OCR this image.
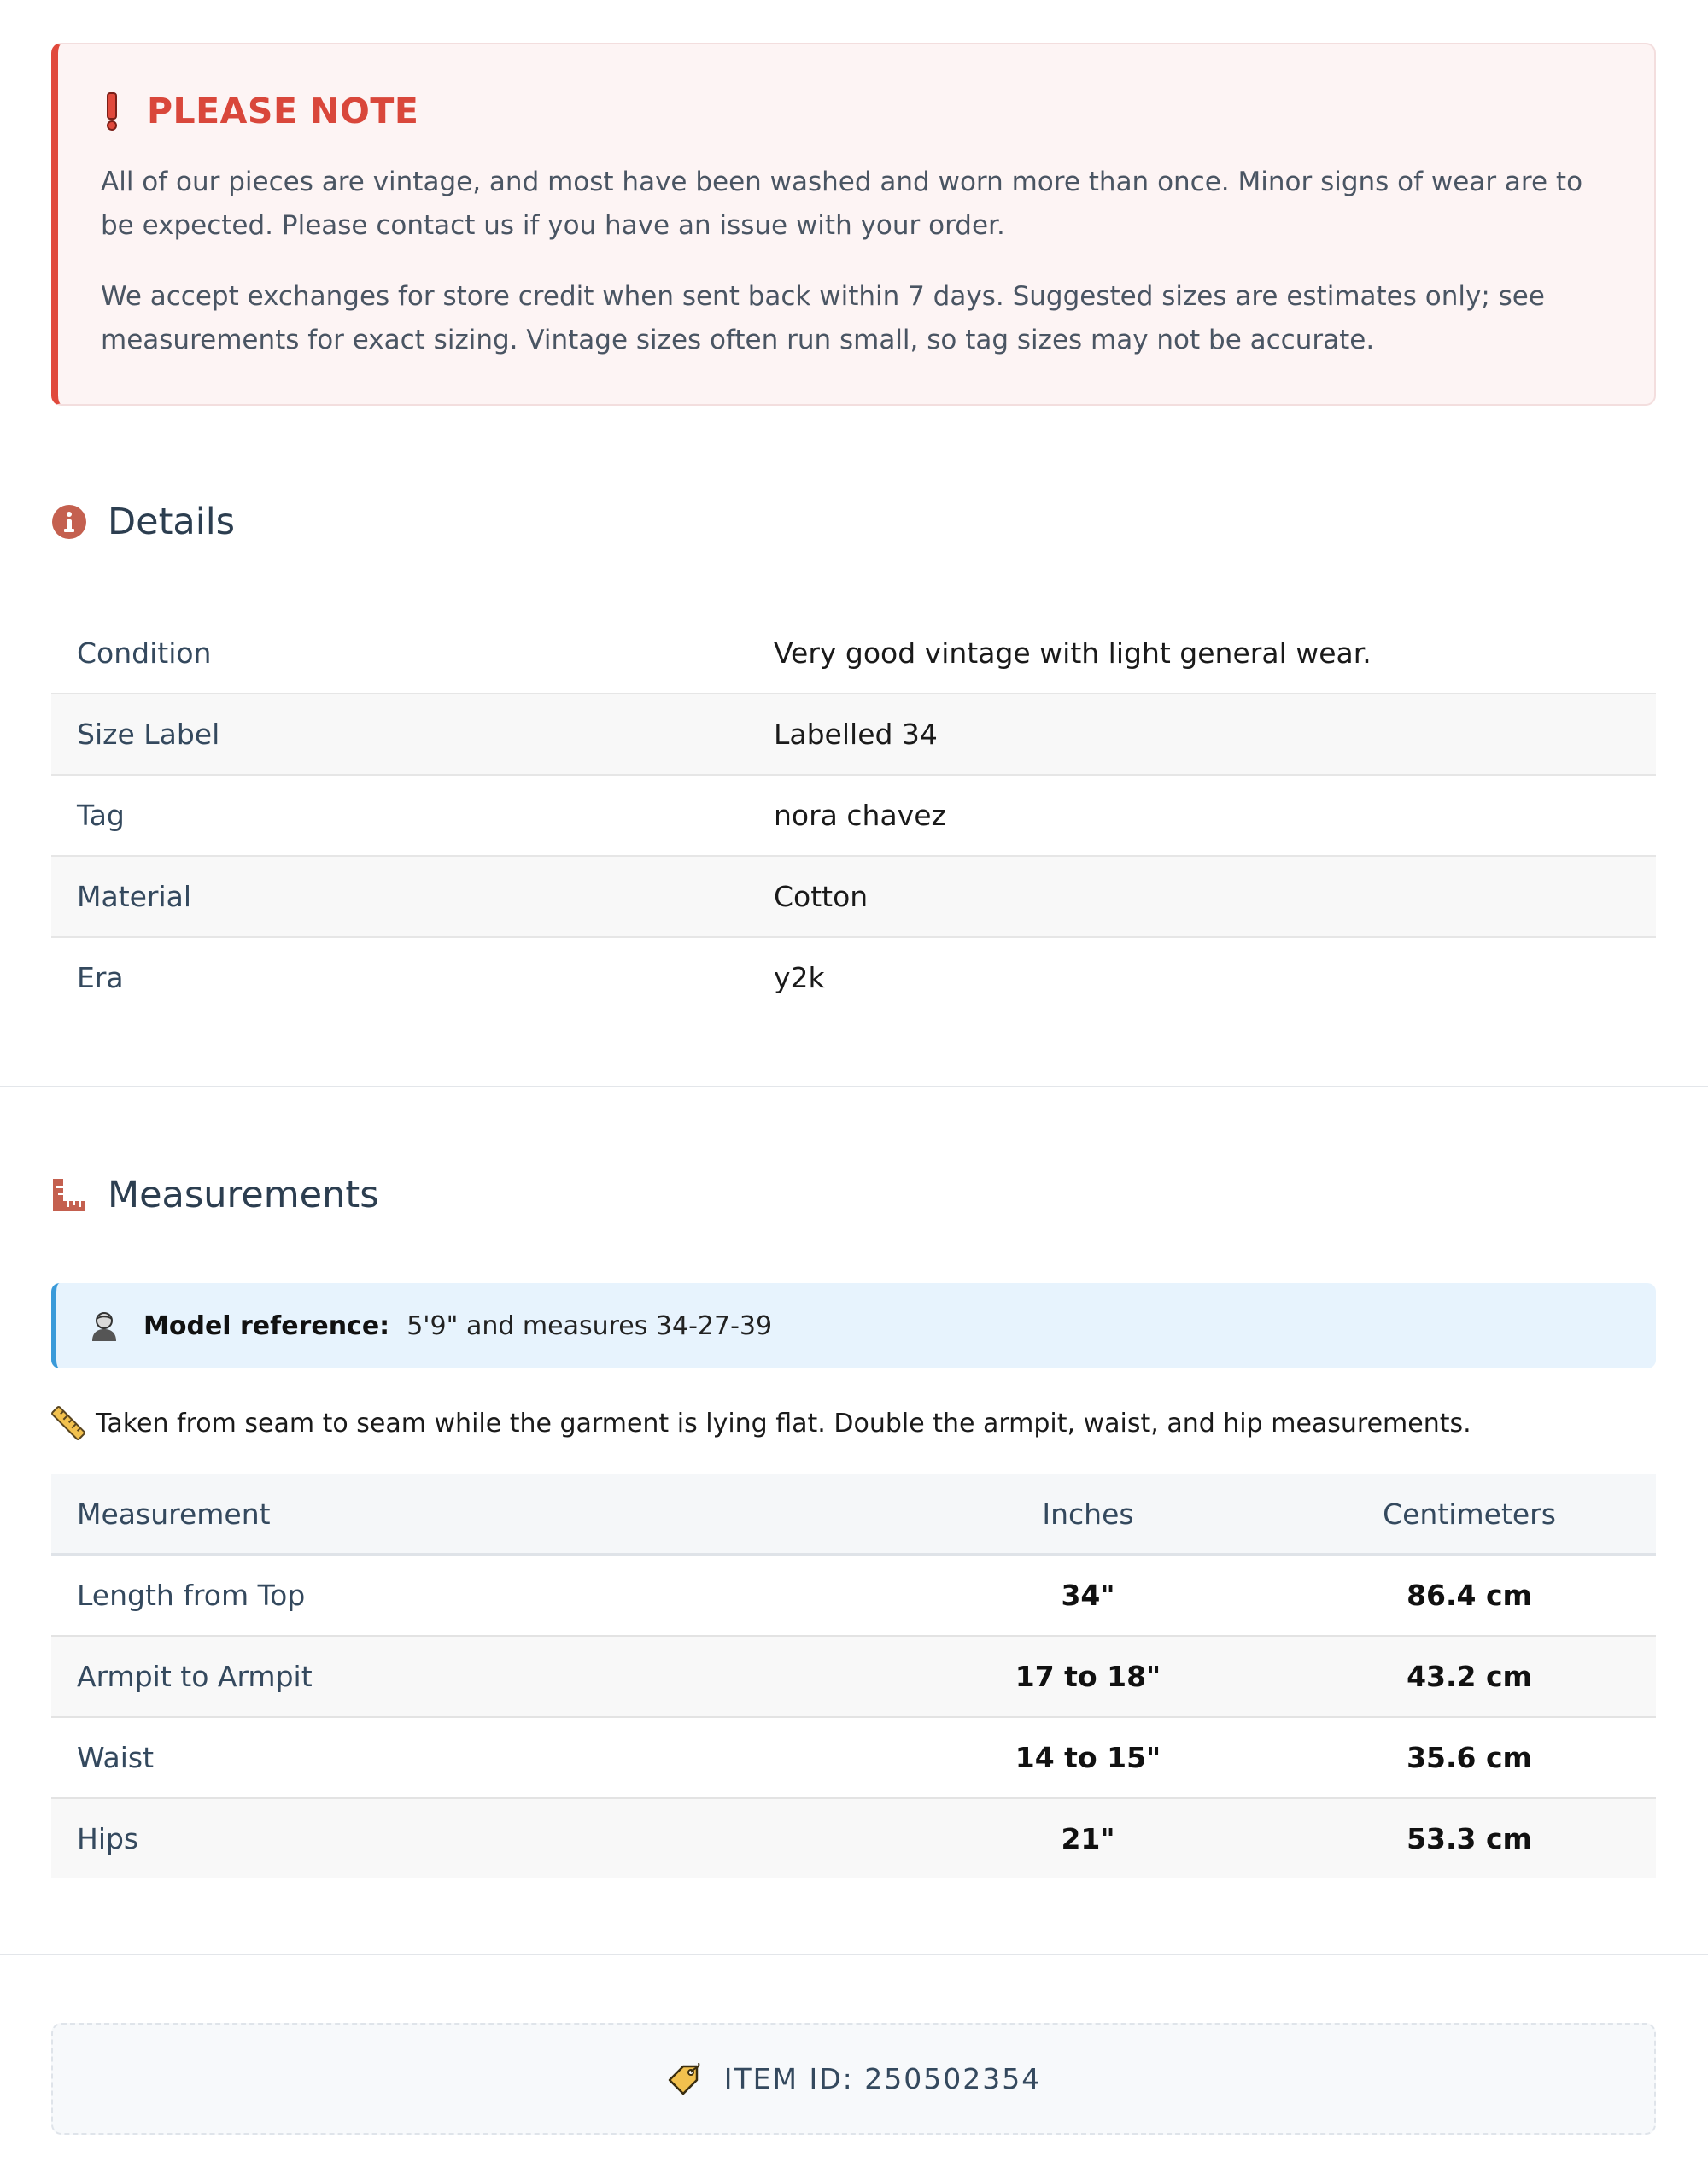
PLEASE NOTE

All of our pieces are vintage, and most have been washed and worn more than once. Minor signs of wear are to be expected. Please contact us if you have an issue with your order.

We accept exchanges for store credit when sent back within 7 days. Suggested sizes are estimates only; see measurements for exact sizing. Vintage sizes often run small, so tag sizes may not be accurate.

Details
Condition	Very good vintage with light general wear.
Size Label	Labelled 34
Tag	nora chavez
Material	Cotton
Era	y2k
Measurements
Model reference: 5'9" and measures 34-27-39
Taken from seam to seam while the garment is lying flat. Double the armpit, waist, and hip measurements.
Measurement	Inches	Centimeters
Length from Top	34"	86.4 cm
Armpit to Armpit	17 to 18"	43.2 cm
Waist	14 to 15"	35.6 cm
Hips	21"	53.3 cm
ITEM ID: 250502354
